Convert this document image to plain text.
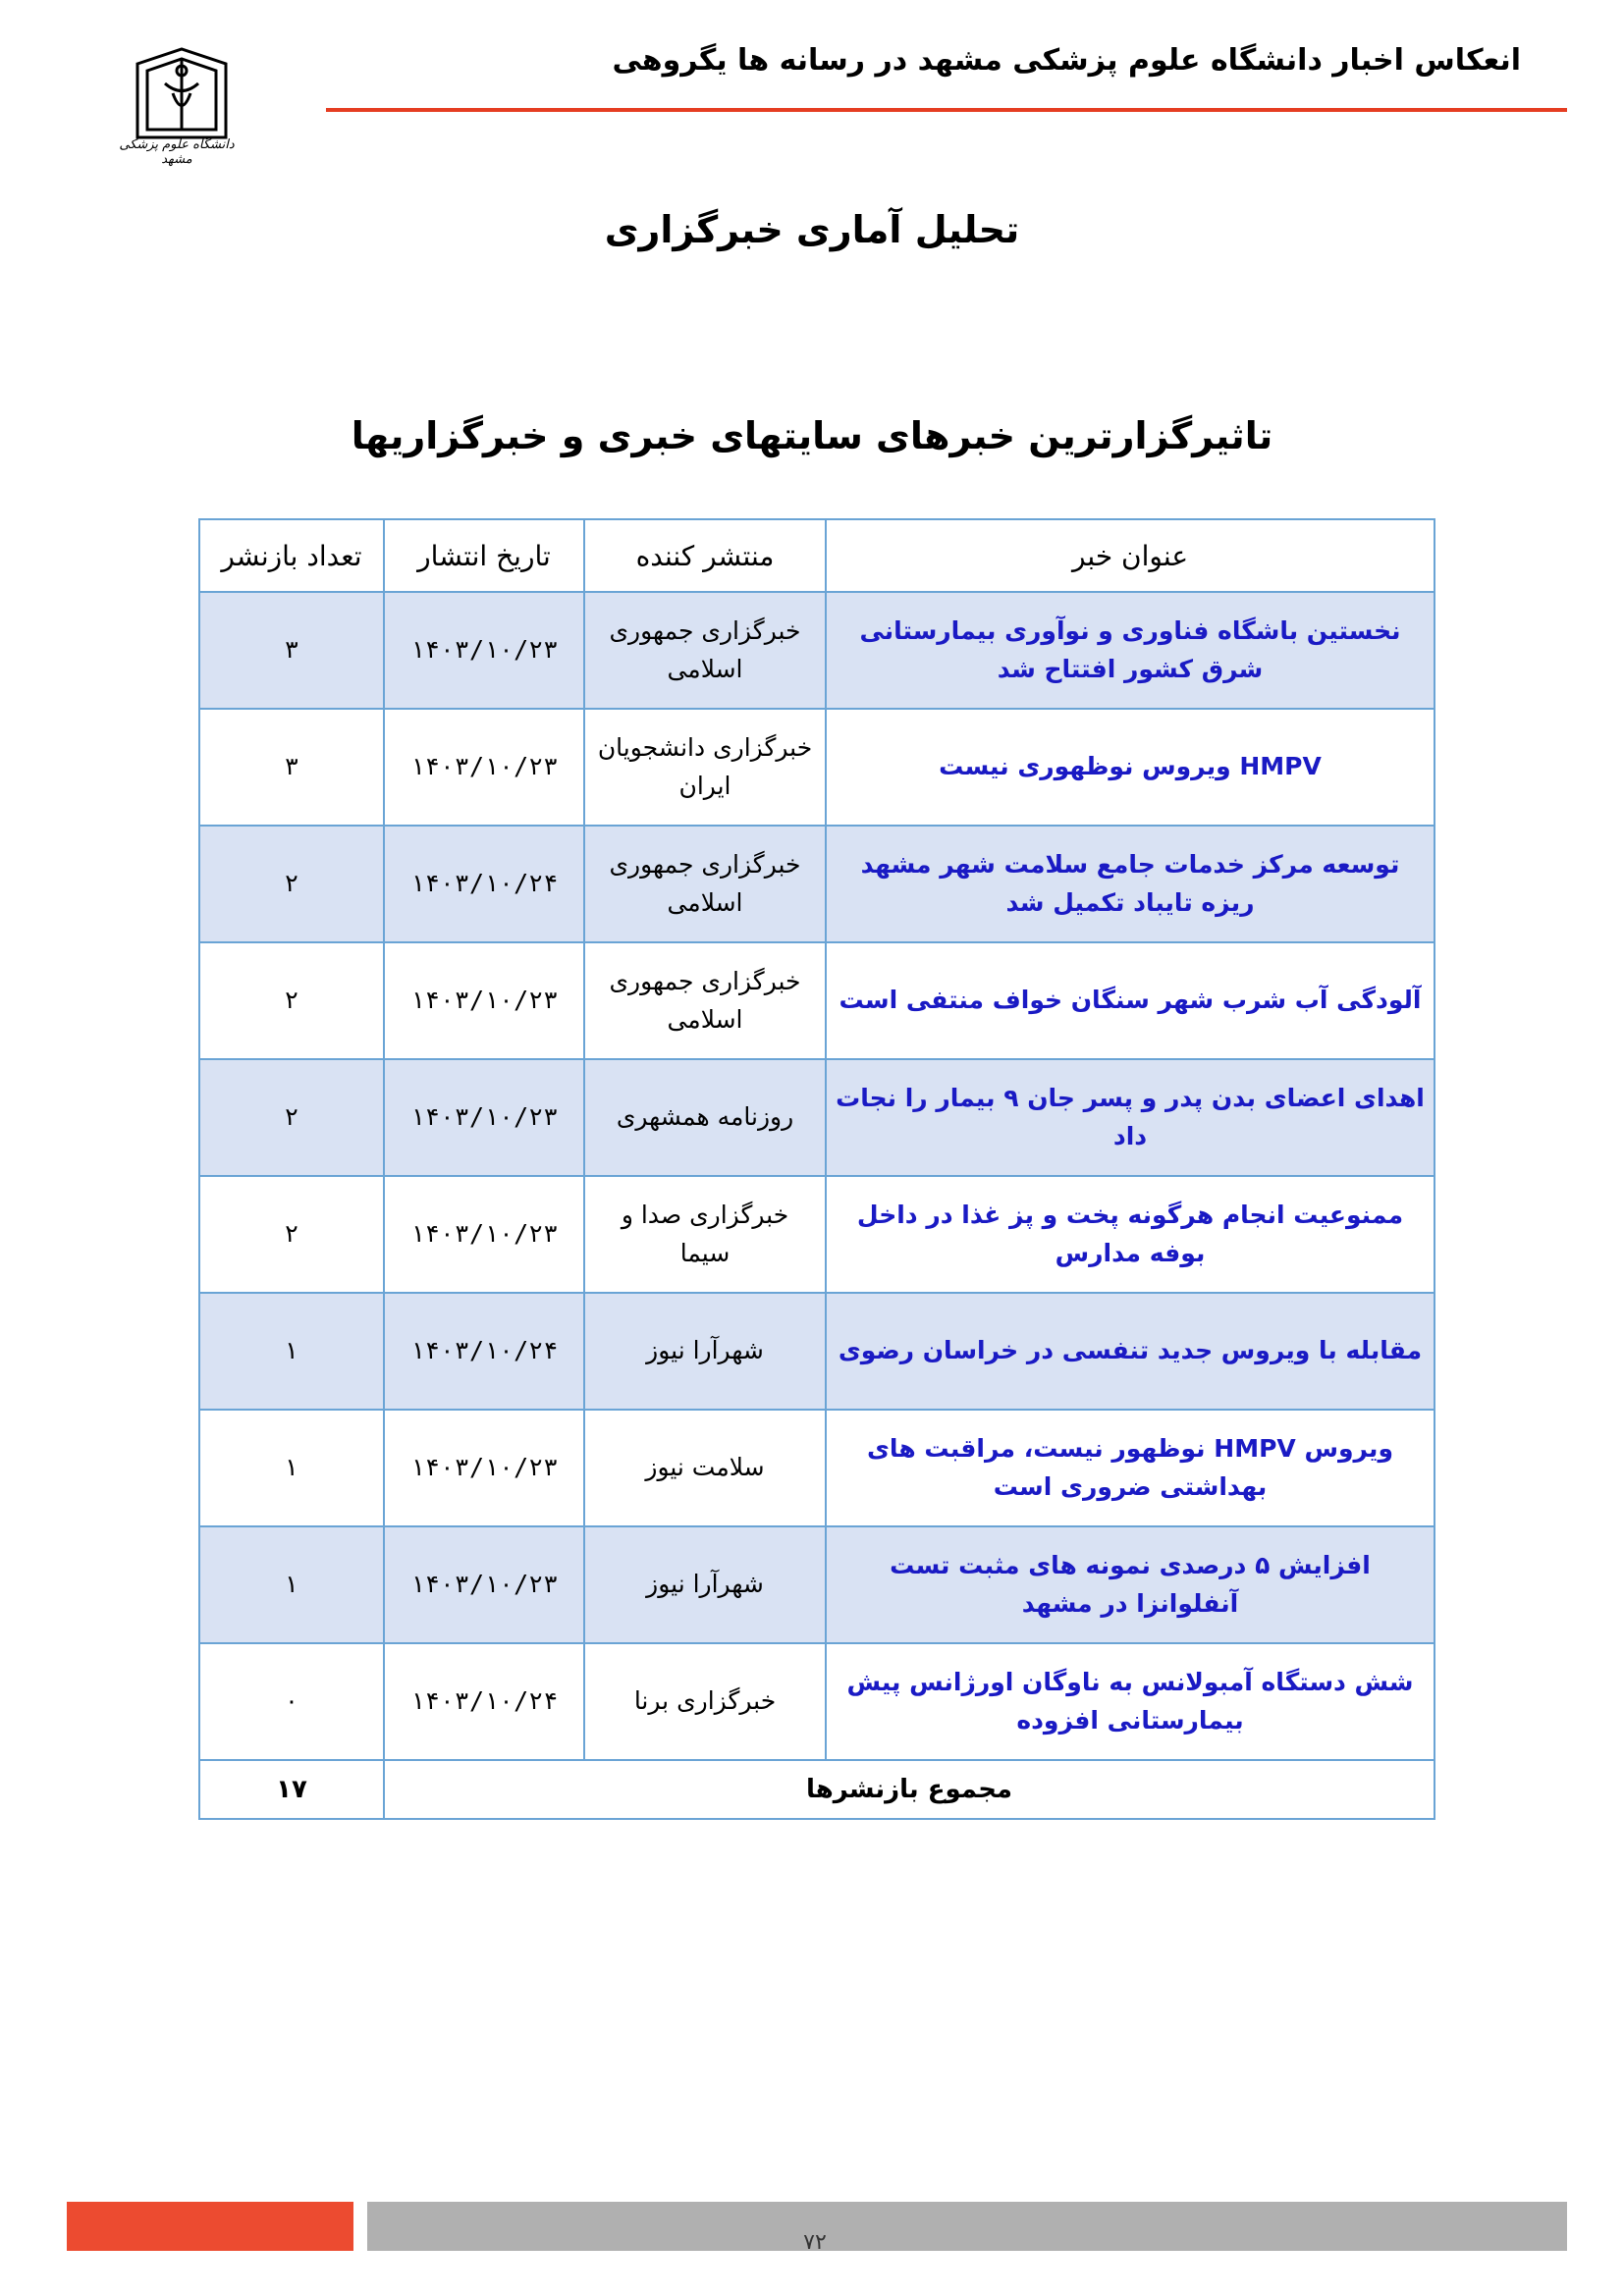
انعکاس اخبار دانشگاه علوم پزشکی مشهد در رسانه ها یگروهی
دانشگاه علوم پزشکی مشهد
تحلیل آماری خبرگزاری
تاثیرگزارترین خبرهای سایتهای خبری و خبرگزاریها
عنوان خبر	منتشر کننده	تاریخ انتشار	تعداد بازنشر
نخستین باشگاه فناوری و نوآوری بیمارستانی شرق کشور افتتاح شد	خبرگزاری جمهوری اسلامی	۱۴۰۳/۱۰/۲۳	۳
HMPV ویروس نوظهوری نیست	خبرگزاری دانشجویان ایران	۱۴۰۳/۱۰/۲۳	۳
توسعه مرکز خدمات جامع سلامت شهر مشهد ریزه تایباد تکمیل شد	خبرگزاری جمهوری اسلامی	۱۴۰۳/۱۰/۲۴	۲
آلودگی آب شرب شهر سنگان خواف منتفی است	خبرگزاری جمهوری اسلامی	۱۴۰۳/۱۰/۲۳	۲
اهدای اعضای بدن پدر و پسر جان ۹ بیمار را نجات داد	روزنامه همشهری	۱۴۰۳/۱۰/۲۳	۲
ممنوعیت انجام هرگونه پخت و پز غذا در داخل بوفه مدارس	خبرگزاری صدا و سیما	۱۴۰۳/۱۰/۲۳	۲
مقابله با ویروس جدید تنفسی در خراسان رضوی	شهرآرا نیوز	۱۴۰۳/۱۰/۲۴	۱
ویروس HMPV نوظهور نیست، مراقبت های بهداشتی ضروری است	سلامت نیوز	۱۴۰۳/۱۰/۲۳	۱
افزایش ۵ درصدی نمونه های مثبت تست آنفلوانزا در مشهد	شهرآرا نیوز	۱۴۰۳/۱۰/۲۳	۱
شش دستگاه آمبولانس به ناوگان اورژانس پیش بیمارستانی افزوده	خبرگزاری برنا	۱۴۰۳/۱۰/۲۴	۰
مجموع بازنشرها			۱۷
۷۲
